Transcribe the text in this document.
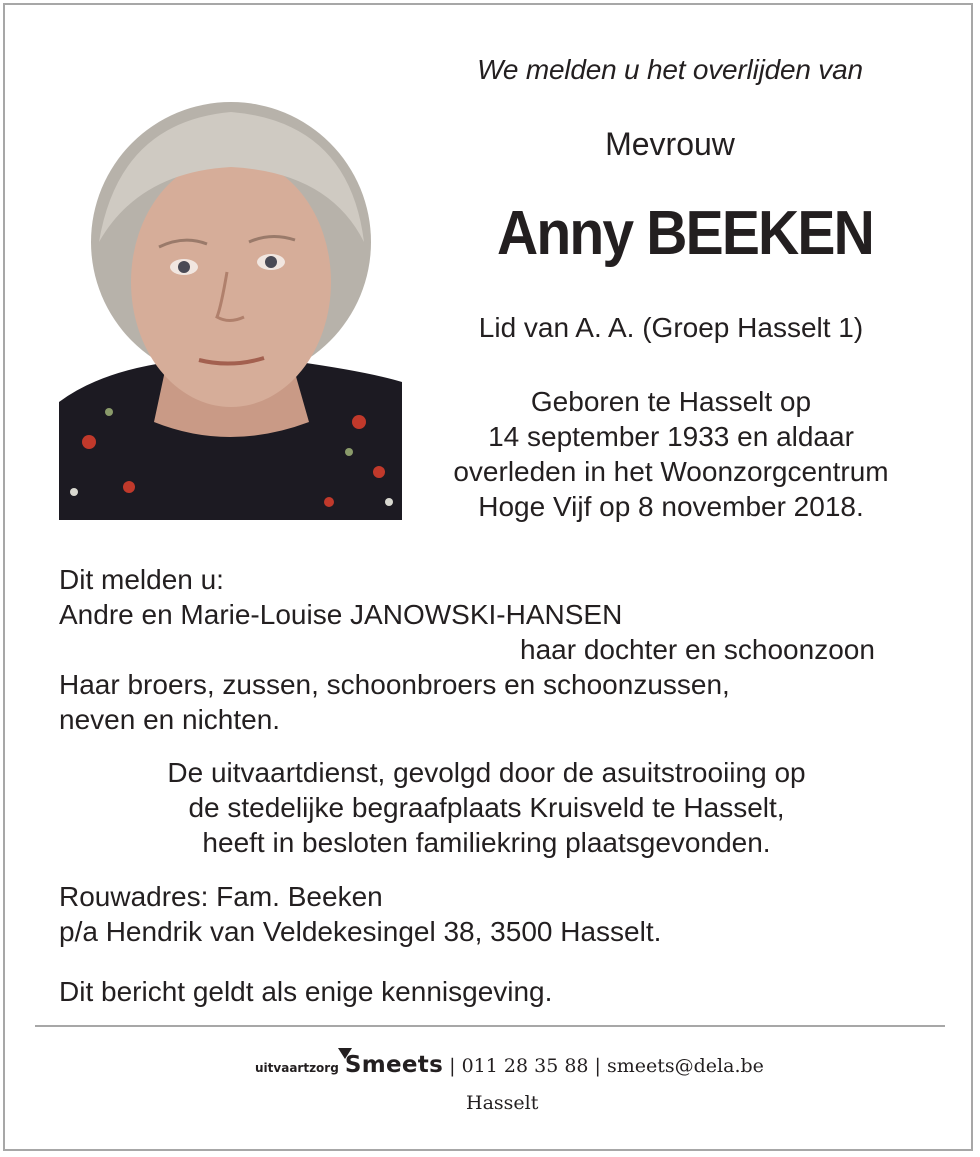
We melden u het overlijden van
Mevrouw
Anny BEEKEN
Lid van A. A. (Groep Hasselt 1)
Geboren te Hasselt op
14 september 1933 en aldaar
overleden in het Woonzorgcentrum
Hoge Vijf op 8 november 2018.
Dit melden u:
Andre en Marie-Louise JANOWSKI-HANSEN
haar dochter en schoonzoon
Haar broers, zussen, schoonbroers en schoonzussen,
neven en nichten.
De uitvaartdienst, gevolgd door de asuitstrooiing op
de stedelijke begraafplaats Kruisveld te Hasselt,
heeft in besloten familiekring plaatsgevonden.
Rouwadres: Fam. Beeken
p/a Hendrik van Veldekesingel 38, 3500 Hasselt.
Dit bericht geldt als enige kennisgeving.
uitvaartzorg Smeets | 011 28 35 88 | smeets@dela.be
Hasselt
